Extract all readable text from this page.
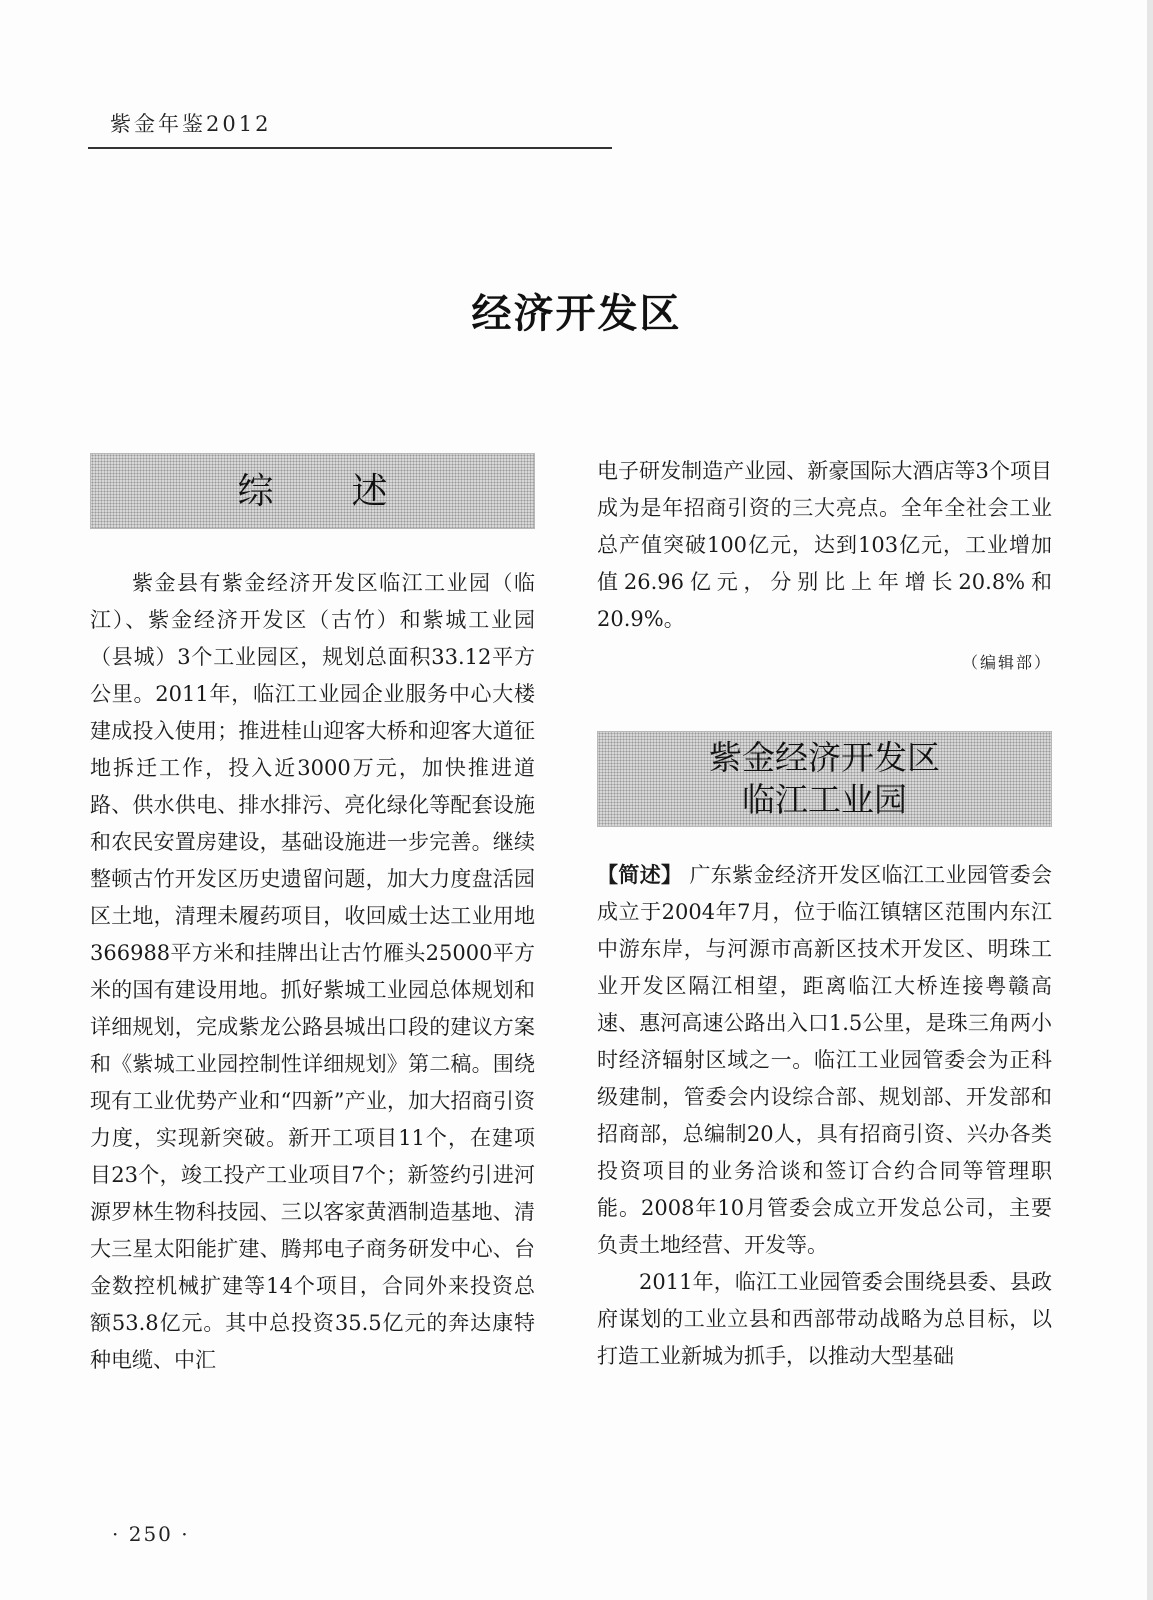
紫金年鉴2012
经济开发区
综述

紫金县有紫金经济开发区临江工业园（临江）、紫金经济开发区（古竹）和紫城工业园（县城）3个工业园区，规划总面积33.12平方公里。2011年，临江工业园企业服务中心大楼建成投入使用；推进桂山迎客大桥和迎客大道征地拆迁工作，投入近3000万元，加快推进道路、供水供电、排水排污、亮化绿化等配套设施和农民安置房建设，基础设施进一步完善。继续整顿古竹开发区历史遗留问题，加大力度盘活园区土地，清理未履药项目，收回威士达工业用地366988平方米和挂牌出让古竹雁头25000平方米的国有建设用地。抓好紫城工业园总体规划和详细规划，完成紫龙公路县城出口段的建议方案和《紫城工业园控制性详细规划》第二稿。围绕现有工业优势产业和“四新”产业，加大招商引资力度，实现新突破。新开工项目11个，在建项目23个，竣工投产工业项目7个；新签约引进河源罗林生物科技园、三以客家黄酒制造基地、清大三星太阳能扩建、腾邦电子商务研发中心、台金数控机械扩建等14个项目，合同外来投资总额53.8亿元。其中总投资35.5亿元的奔达康特种电缆、中汇

电子研发制造产业园、新豪国际大酒店等3个项目成为是年招商引资的三大亮点。全年全社会工业总产值突破100亿元，达到103亿元，工业增加值26.96亿元，分别比上年增长20.8%和20.9%。

（编辑部）

紫金经济开发区
临江工业园

【简述】 广东紫金经济开发区临江工业园管委会成立于2004年7月，位于临江镇辖区范围内东江中游东岸，与河源市高新区技术开发区、明珠工业开发区隔江相望，距离临江大桥连接粤赣高速、惠河高速公路出入口1.5公里，是珠三角两小时经济辐射区域之一。临江工业园管委会为正科级建制，管委会内设综合部、规划部、开发部和招商部，总编制20人，具有招商引资、兴办各类投资项目的业务洽谈和签订合约合同等管理职能。2008年10月管委会成立开发总公司，主要负责土地经营、开发等。

2011年，临江工业园管委会围绕县委、县政府谋划的工业立县和西部带动战略为总目标，以打造工业新城为抓手，以推动大型基础

· 250 ·
